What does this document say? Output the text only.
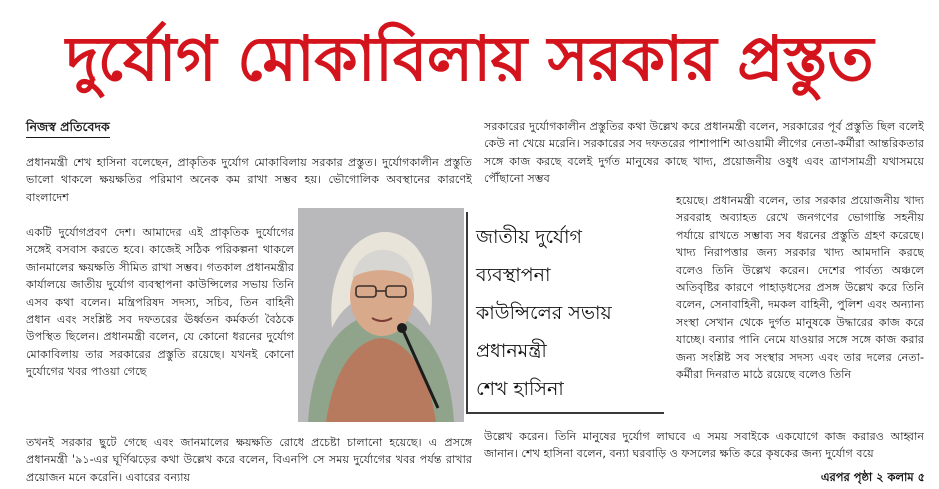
দুর্যোগ মোকাবিলায় সরকার প্রস্তুত
নিজস্ব প্রতিবেদক

প্রধানমন্ত্রী শেখ হাসিনা বলেছেন, প্রাকৃতিক দুর্যোগ মোকাবিলায় সরকার প্রস্তুত। দুর্যোগকালীন প্রস্তুতি ভালো থাকলে ক্ষয়ক্ষতির পরিমাণ অনেক কম রাখা সম্ভব হয়। ভৌগোলিক অবস্থানের কারণেই বাংলাদেশ

একটি দুর্যোগপ্রবণ দেশ। আমাদের এই প্রাকৃতিক দুর্যোগের সঙ্গেই বসবাস করতে হবে। কাজেই সঠিক পরিকল্পনা থাকলে জানমালের ক্ষয়ক্ষতি সীমিত রাখা সম্ভব। গতকাল প্রধানমন্ত্রীর কার্যালয়ে জাতীয় দুর্যোগ ব্যবস্থাপনা কাউন্সিলের সভায় তিনি এসব কথা বলেন। মন্ত্রিপরিষদ সদস্য, সচিব, তিন বাহিনী প্রধান এবং সংশ্লিষ্ট সব দফতরের ঊর্ধ্বতন কর্মকর্তা বৈঠকে উপস্থিত ছিলেন। প্রধানমন্ত্রী বলেন, যে কোনো ধরনের দুর্যোগ মোকাবিলায় তার সরকারের প্রস্তুতি রয়েছে। যখনই কোনো দুর্যোগের খবর পাওয়া গেছে

তখনই সরকার ছুটে গেছে এবং জানমালের ক্ষয়ক্ষতি রোধে প্রচেষ্টা চালানো হয়েছে। এ প্রসঙ্গে প্রধানমন্ত্রী '৯১-এর ঘূর্ণিঝড়ের কথা উল্লেখ করে বলেন, বিএনপি সে সময় দুর্যোগের খবর পর্যন্ত রাখার প্রয়োজন মনে করেনি। এবারের বন্যায়

সরকারের দুর্যোগকালীন প্রস্তুতির কথা উল্লেখ করে প্রধানমন্ত্রী বলেন, সরকারের পূর্ব প্রস্তুতি ছিল বলেই কেউ না খেয়ে মরেনি। সরকারের সব দফতরের পাশাপাশি আওয়ামী লীগের নেতা-কর্মীরা আন্তরিকতার সঙ্গে কাজ করছে বলেই দুর্গত মানুষের কাছে খাদ্য, প্রয়োজনীয় ওষুধ এবং ত্রাণসামগ্রী যথাসময়ে পৌঁছানো সম্ভব

হয়েছে। প্রধানমন্ত্রী বলেন, তার সরকার প্রয়োজনীয় খাদ্য সরবরাহ অব্যাহত রেখে জনগণের ভোগান্তি সহনীয় পর্যায়ে রাখতে সম্ভাব্য সব ধরনের প্রস্তুতি গ্রহণ করেছে। খাদ্য নিরাপত্তার জন্য সরকার খাদ্য আমদানি করছে বলেও তিনি উল্লেখ করেন। দেশের পার্বত্য অঞ্চলে অতিবৃষ্টির কারণে পাহাড়ধসের প্রসঙ্গ উল্লেখ করে তিনি বলেন, সেনাবাহিনী, দমকল বাহিনী, পুলিশ এবং অন্যান্য সংস্থা সেখান থেকে দুর্গত মানুষকে উদ্ধারের কাজ করে যাচ্ছে। বন্যার পানি নেমে যাওয়ার সঙ্গে সঙ্গে কাজ করার জন্য সংশ্লিষ্ট সব সংস্থার সদস্য এবং তার দলের নেতা-কর্মীরা দিনরাত মাঠে রয়েছে বলেও তিনি

উল্লেখ করেন। তিনি মানুষের দুর্যোগ লাঘবে এ সময় সবাইকে একযোগে কাজ করারও আহ্বান জানান। শেখ হাসিনা বলেন, বন্যা ঘরবাড়ি ও ফসলের ক্ষতি করে কৃষকের জন্য দুর্যোগ বয়ে

জাতীয় দুর্যোগ
ব্যবস্থাপনা
কাউন্সিলের সভায়
প্রধানমন্ত্রী
শেখ হাসিনা
এরপর পৃষ্ঠা ২ কলাম ৫
